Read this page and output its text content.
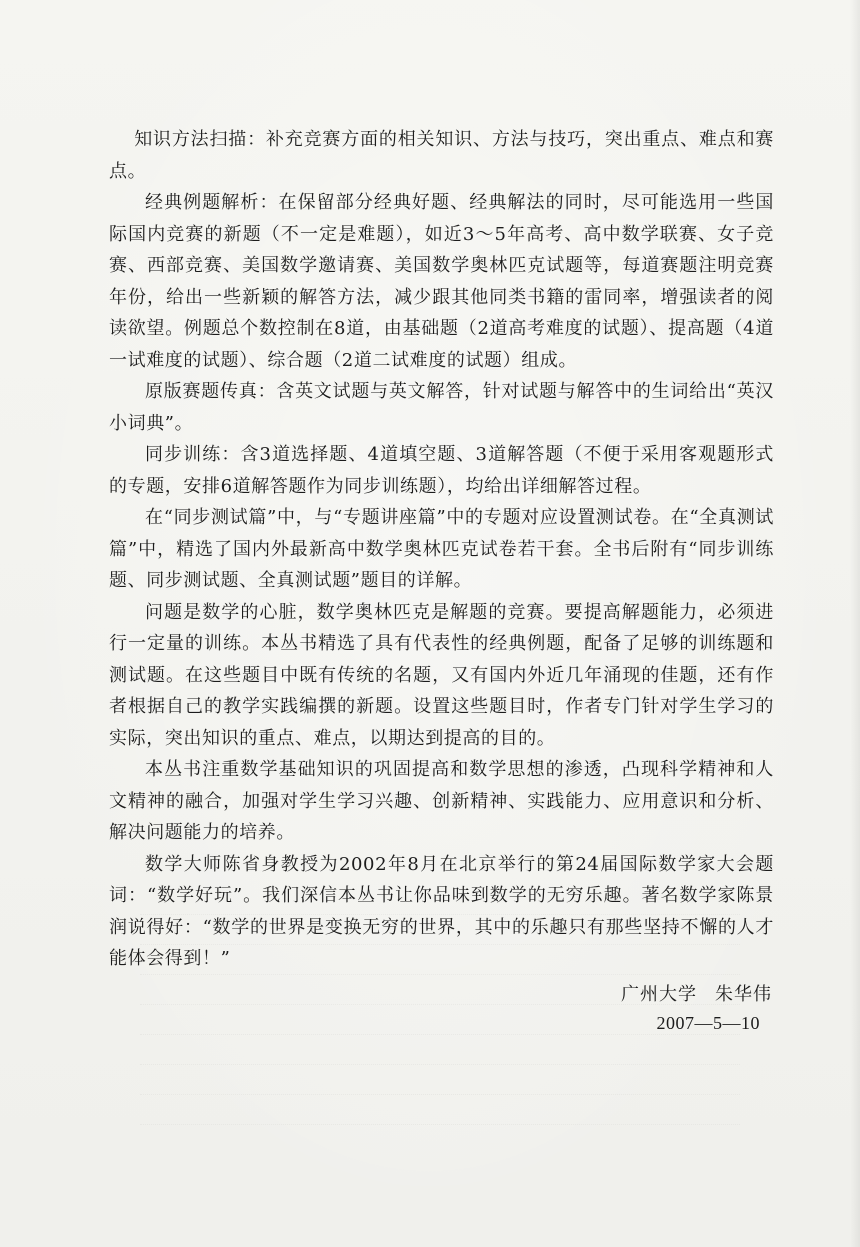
知识方法扫描：补充竞赛方面的相关知识、方法与技巧，突出重点、难点和赛点。

经典例题解析：在保留部分经典好题、经典解法的同时，尽可能选用一些国际国内竞赛的新题（不一定是难题），如近3～5年高考、高中数学联赛、女子竞赛、西部竞赛、美国数学邀请赛、美国数学奥林匹克试题等，每道赛题注明竞赛年份，给出一些新颖的解答方法，减少跟其他同类书籍的雷同率，增强读者的阅读欲望。例题总个数控制在8道，由基础题（2道高考难度的试题）、提高题（4道一试难度的试题）、综合题（2道二试难度的试题）组成。

原版赛题传真：含英文试题与英文解答，针对试题与解答中的生词给出“英汉小词典”。

同步训练：含3道选择题、4道填空题、3道解答题（不便于采用客观题形式的专题，安排6道解答题作为同步训练题），均给出详细解答过程。

在“同步测试篇”中，与“专题讲座篇”中的专题对应设置测试卷。在“全真测试篇”中，精选了国内外最新高中数学奥林匹克试卷若干套。全书后附有“同步训练题、同步测试题、全真测试题”题目的详解。

问题是数学的心脏，数学奥林匹克是解题的竞赛。要提高解题能力，必须进行一定量的训练。本丛书精选了具有代表性的经典例题，配备了足够的训练题和测试题。在这些题目中既有传统的名题，又有国内外近几年涌现的佳题，还有作者根据自己的教学实践编撰的新题。设置这些题目时，作者专门针对学生学习的实际，突出知识的重点、难点，以期达到提高的目的。

本丛书注重数学基础知识的巩固提高和数学思想的渗透，凸现科学精神和人文精神的融合，加强对学生学习兴趣、创新精神、实践能力、应用意识和分析、解决问题能力的培养。

数学大师陈省身教授为2002年8月在北京举行的第24届国际数学家大会题词：“数学好玩”。我们深信本丛书让你品味到数学的无穷乐趣。著名数学家陈景润说得好：“数学的世界是变换无穷的世界，其中的乐趣只有那些坚持不懈的人才能体会得到！”

广州大学 朱华伟
2007—5—10
